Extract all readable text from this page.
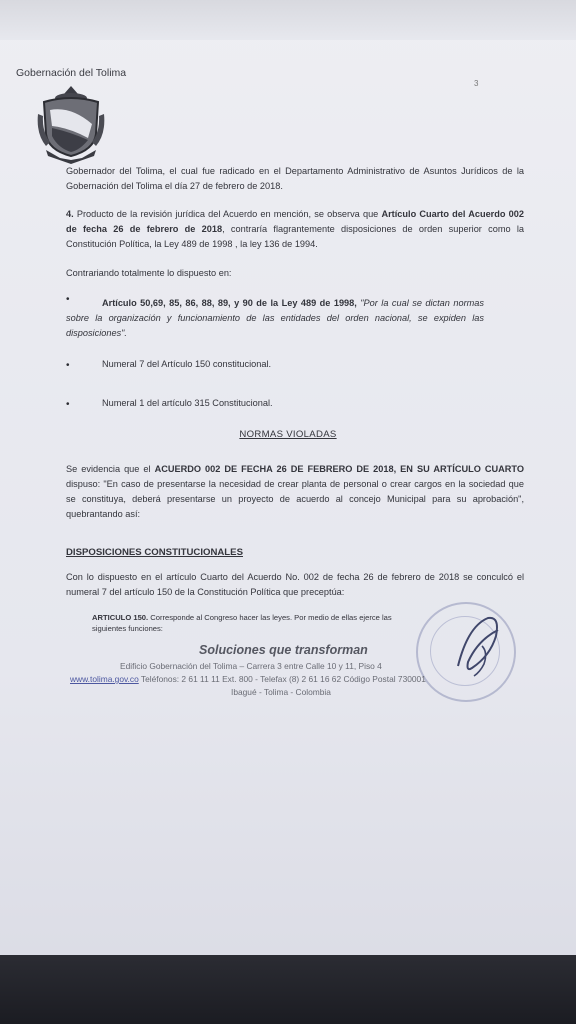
Gobernación del Tolima
3
Gobernador del Tolima, el cual fue radicado en el Departamento Administrativo de Asuntos Jurídicos de la Gobernación del Tolima el día 27 de febrero de 2018.
4. Producto de la revisión jurídica del Acuerdo en mención, se observa que Artículo Cuarto del Acuerdo 002 de fecha 26 de febrero de 2018, contraría flagrantemente disposiciones de orden superior como la Constitución Política, la Ley 489 de 1998 , la ley 136 de 1994.
Contrariando totalmente lo dispuesto en:
•	Artículo 50,69, 85, 86, 88, 89, y 90 de la Ley 489 de 1998, "Por la cual se dictan normas sobre la organización y funcionamiento de las entidades del orden nacional, se expiden las disposiciones".
•	Numeral 7 del Artículo 150 constitucional.
•	Numeral 1 del artículo 315 Constitucional.
NORMAS VIOLADAS
Se evidencia que el ACUERDO 002 DE FECHA 26 DE FEBRERO DE 2018, EN SU ARTÍCULO CUARTO dispuso: "En caso de presentarse la necesidad de crear planta de personal o crear cargos en la sociedad que se constituya, deberá presentarse un proyecto de acuerdo al concejo Municipal para su aprobación", quebrantando así:
DISPOSICIONES CONSTITUCIONALES
Con lo dispuesto en el artículo Cuarto del Acuerdo No. 002 de fecha 26 de febrero de 2018 se conculcó el numeral 7 del artículo 150 de la Constitución Política que preceptúa:
ARTICULO 150. Corresponde al Congreso hacer las leyes. Por medio de ellas ejerce las siguientes funciones:
Soluciones que transforman
Edificio Gobernación del Tolima – Carrera 3 entre Calle 10 y 11, Piso 4
www.tolima.gov.co Teléfonos: 2 61 11 11 Ext. 800 - Telefax (8) 2 61 16 62 Código Postal 730001
Ibagué - Tolima - Colombia
